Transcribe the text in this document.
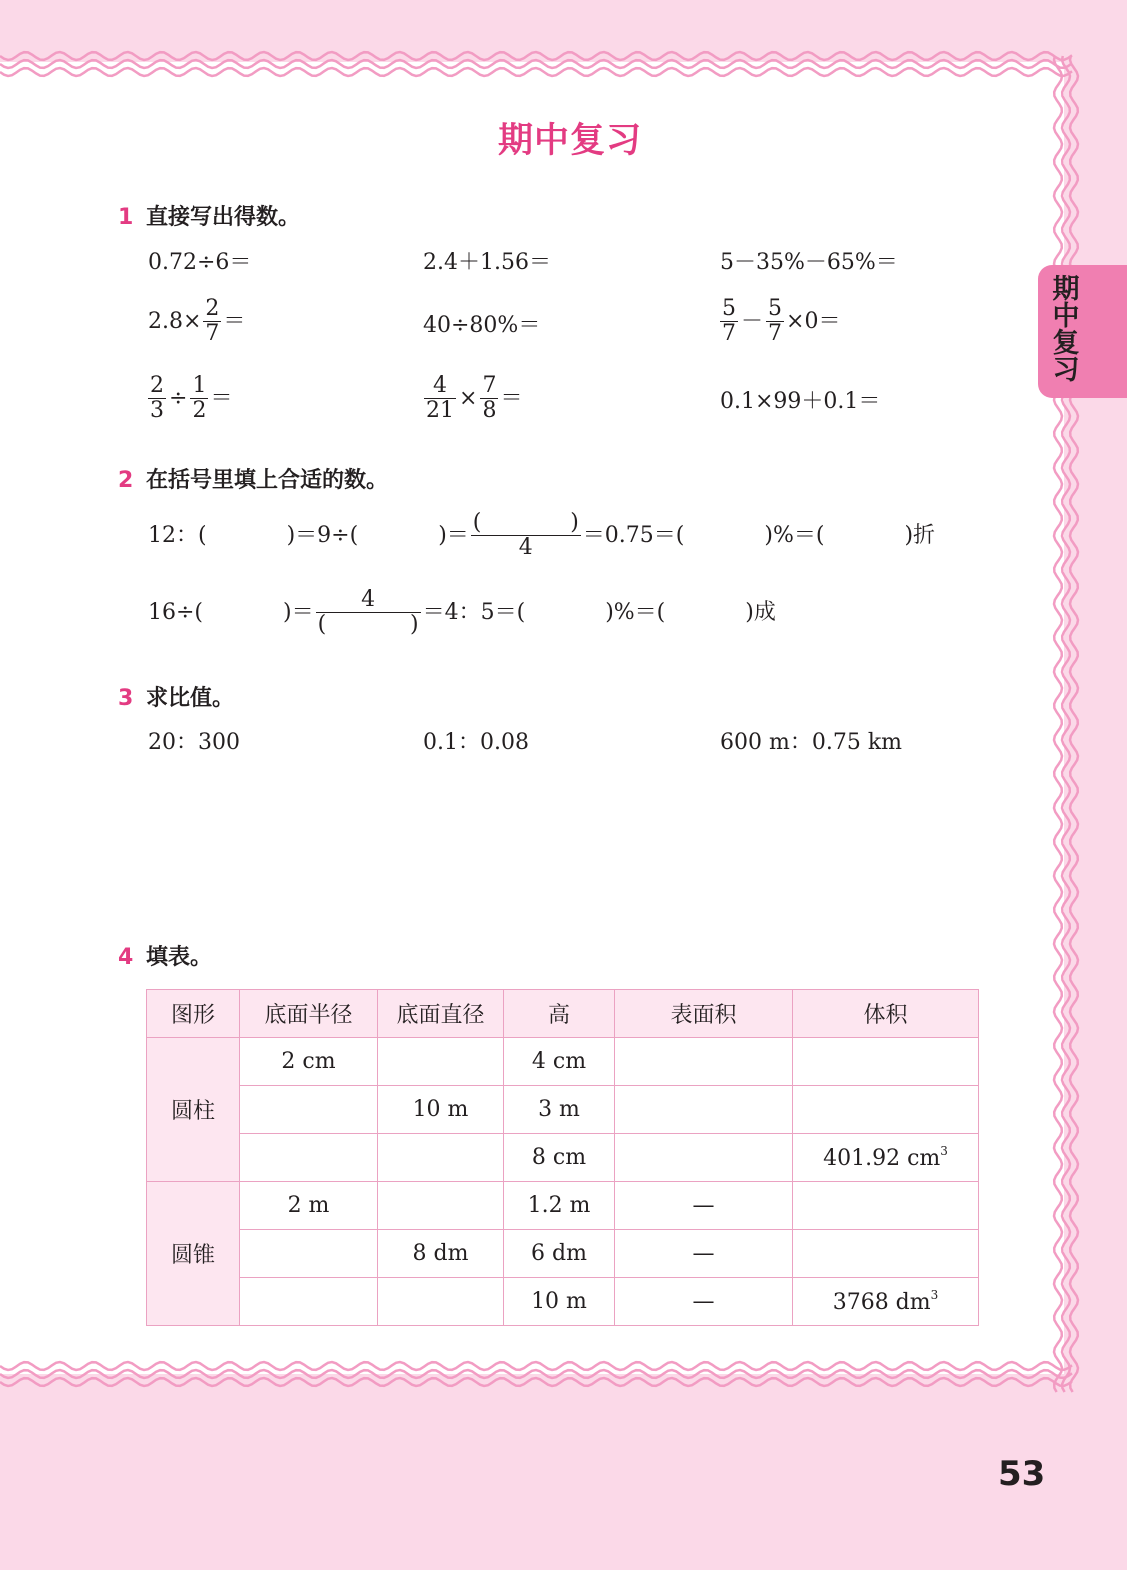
期
中
复
习
期中复习
1 直接写出得数。
0.72÷6＝	2.4＋1.56＝	5－35%－65%＝
$2.8\times \frac{2}{7}$ ＝	40÷80%＝	$\frac{5}{7} - \frac{5}{7} \times 0=$
$\frac{2}{3} \div \frac{1}{2}$ ＝	$\frac{4}{21} \times \frac{7}{8}$ ＝	0.1×99＋0.1＝
2 在括号里填上合适的数。
12：(	)＝9÷(	)＝ (	)
4 ＝0.75＝(	)%＝(	)折
16÷(	)＝ 4
(	) ＝4：5＝(	)%＝(	)成
3 求比值。
20：300	0.1：0.08	600 m：0.75 km
4 填表。
图形	底面半径	底面直径	高	表面积	体积
圆柱	2 cm		4 cm		
		10 m	3 m		
			8 cm		401.92 $cm^3$
圆锥	2 m		1.2 m	—	
		8 dm	6 dm	—	
			10 m	—	3768 $dm^3$
53
